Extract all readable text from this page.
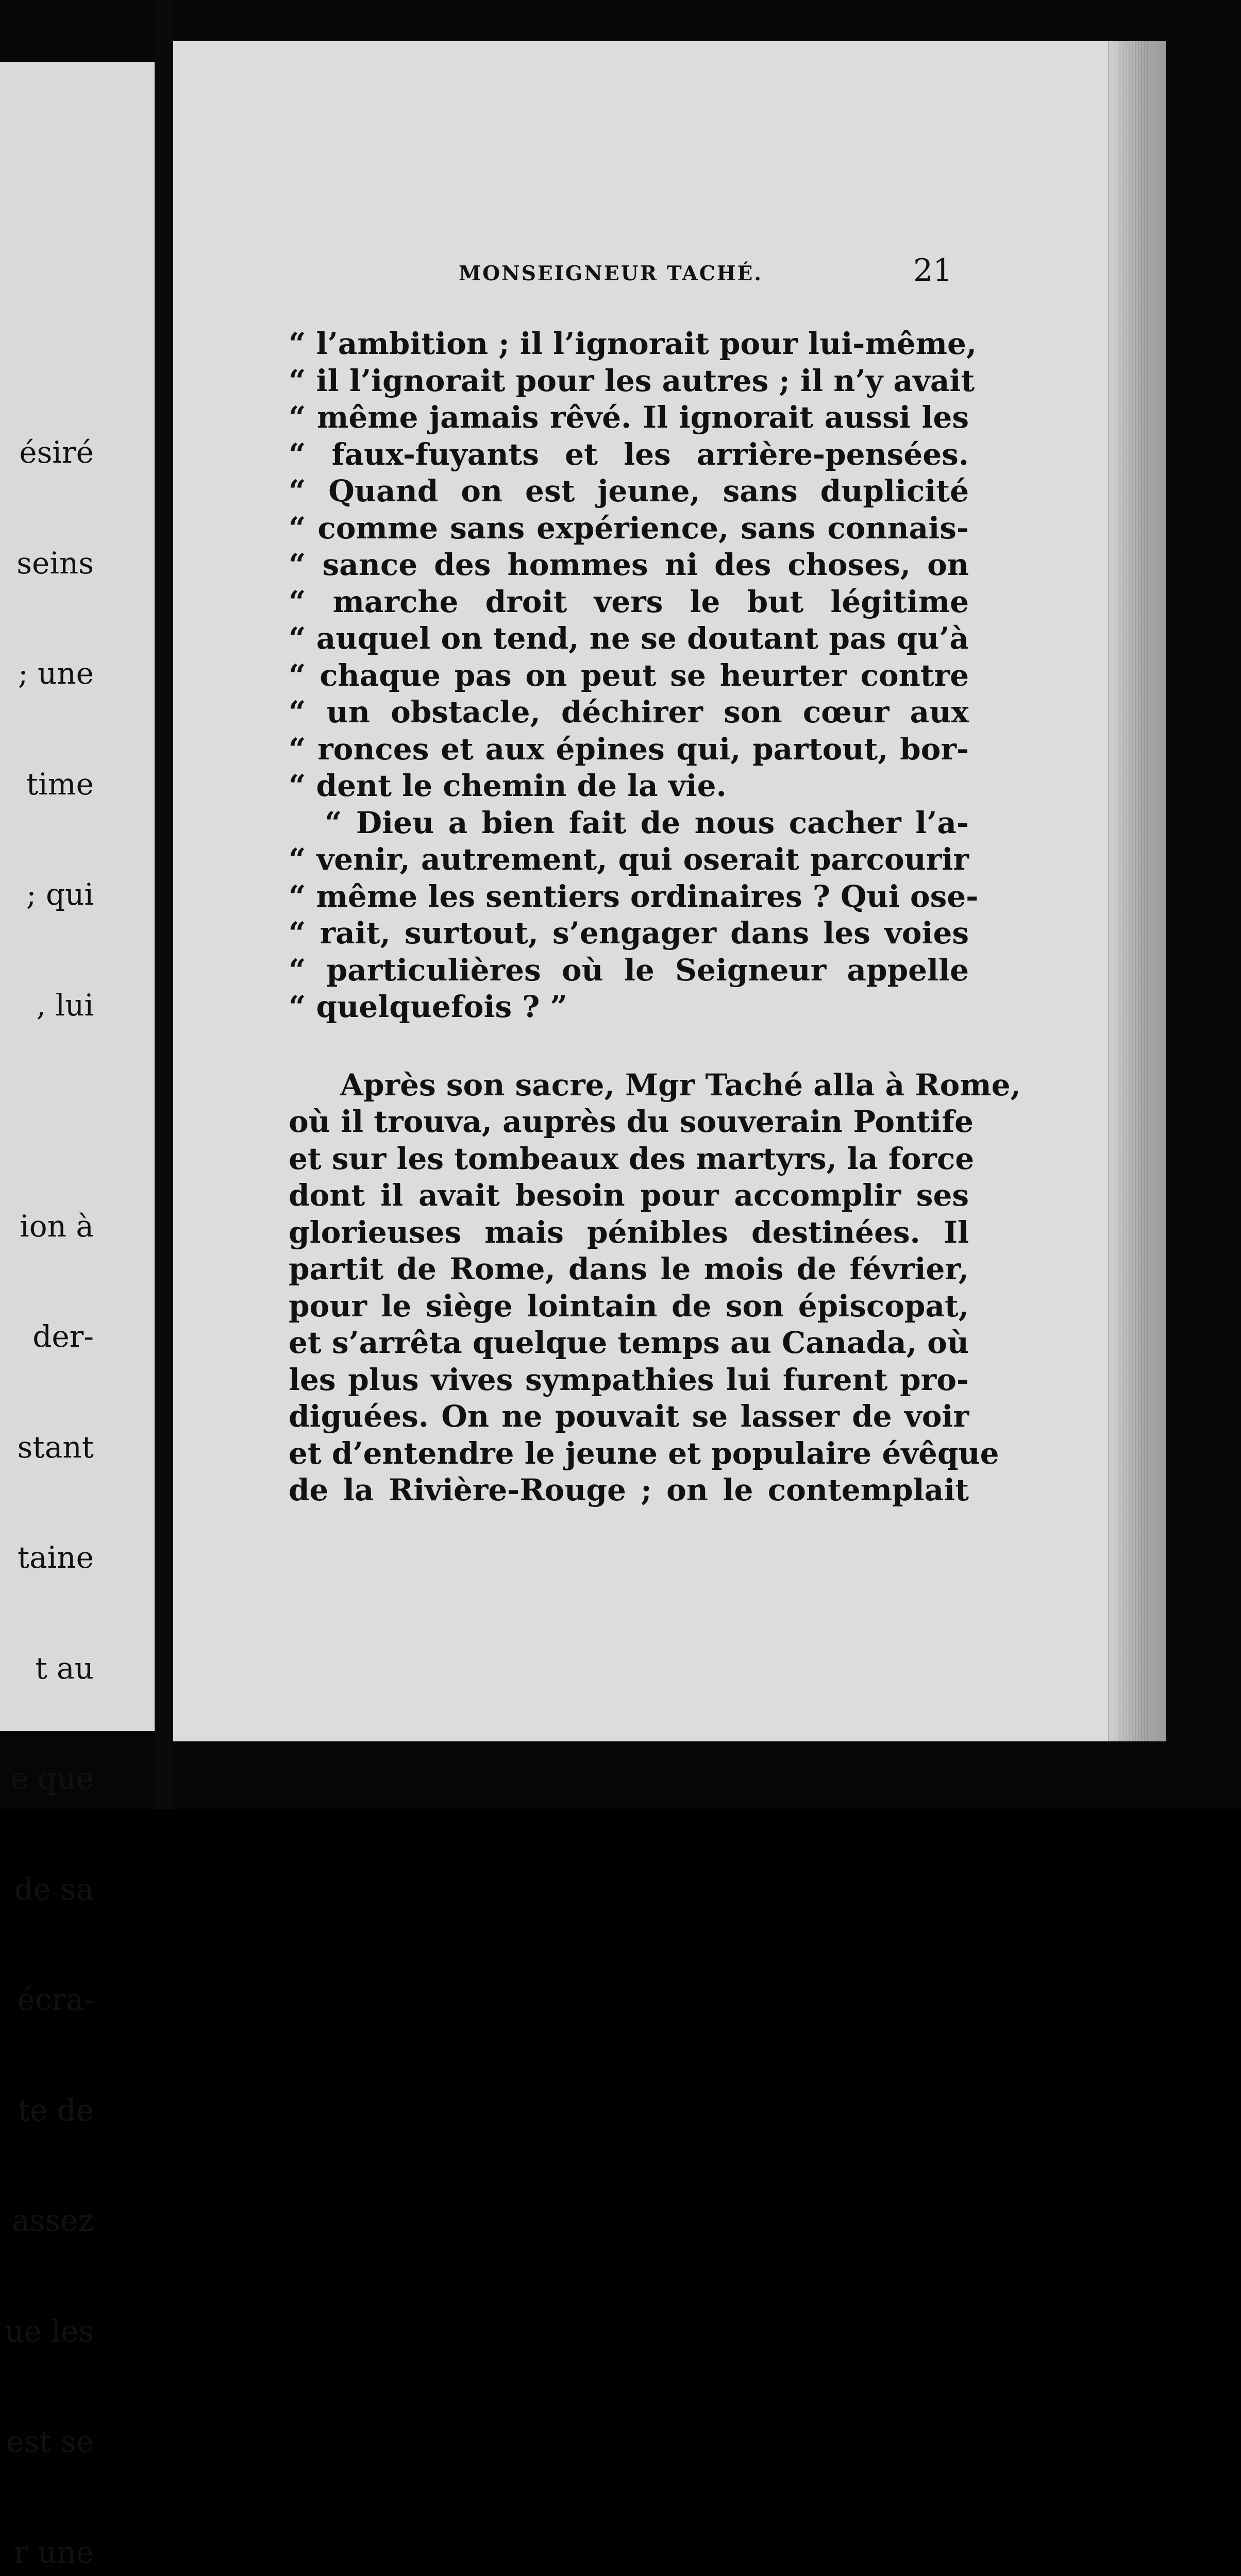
ésiré

seins

; une

time

; qui

, lui

ion à

der-

stant

taine

t au

e que

de sa

écra-

te de

assez

ue les

est se

r une

MONSEIGNEUR TACHÉ.	21
“ l’ambition ; il l’ignorait pour lui-même,
“ il l’ignorait pour les autres ; il n’y avait
“ même jamais rêvé. Il ignorait aussi les
“ faux-fuyants et les arrière-pensées.
“ Quand on est jeune, sans duplicité
“ comme sans expérience, sans connais-
“ sance des hommes ni des choses, on
“ marche droit vers le but légitime
“ auquel on tend, ne se doutant pas qu’à
“ chaque pas on peut se heurter contre
“ un obstacle, déchirer son cœur aux
“ ronces et aux épines qui, partout, bor-
“ dent le chemin de la vie.
“ Dieu a bien fait de nous cacher l’a-
“ venir, autrement, qui oserait parcourir
“ même les sentiers ordinaires ? Qui ose-
“ rait, surtout, s’engager dans les voies
“ particulières où le Seigneur appelle
“ quelquefois ? ”
Après son sacre, Mgr Taché alla à Rome,
où il trouva, auprès du souverain Pontife
et sur les tombeaux des martyrs, la force
dont il avait besoin pour accomplir ses
glorieuses mais pénibles destinées. Il
partit de Rome, dans le mois de février,
pour le siège lointain de son épiscopat,
et s’arrêta quelque temps au Canada, où
les plus vives sympathies lui furent pro-
diguées. On ne pouvait se lasser de voir
et d’entendre le jeune et populaire évêque
de la Rivière-Rouge ; on le contemplait
